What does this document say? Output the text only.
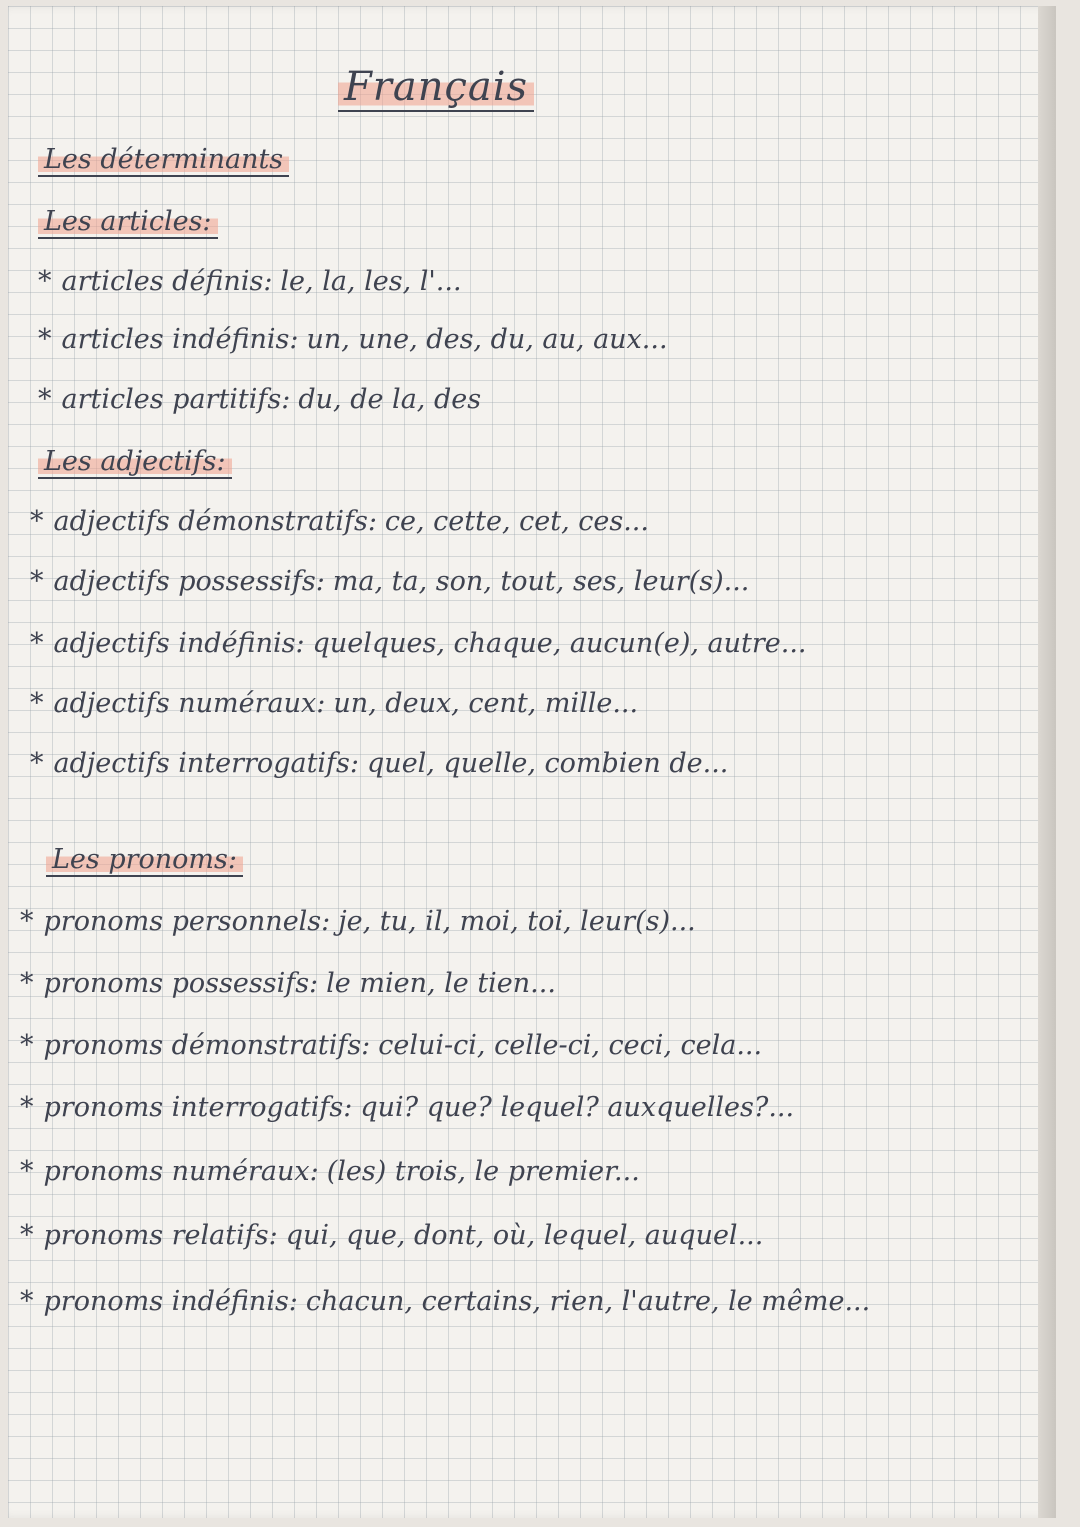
Français
Les déterminants
Les articles:
* articles définis: le, la, les, l'...
* articles indéfinis: un, une, des, du, au, aux...
* articles partitifs: du, de la, des
Les adjectifs:
* adjectifs démonstratifs: ce, cette, cet, ces...
* adjectifs possessifs: ma, ta, son, tout, ses, leur(s)...
* adjectifs indéfinis: quelques, chaque, aucun(e), autre...
* adjectifs numéraux: un, deux, cent, mille...
* adjectifs interrogatifs: quel, quelle, combien de...
Les pronoms:
* pronoms personnels: je, tu, il, moi, toi, leur(s)...
* pronoms possessifs: le mien, le tien...
* pronoms démonstratifs: celui-ci, celle-ci, ceci, cela...
* pronoms interrogatifs: qui? que? lequel? auxquelles?...
* pronoms numéraux: (les) trois, le premier...
* pronoms relatifs: qui, que, dont, où, lequel, auquel...
* pronoms indéfinis: chacun, certains, rien, l'autre, le même...
